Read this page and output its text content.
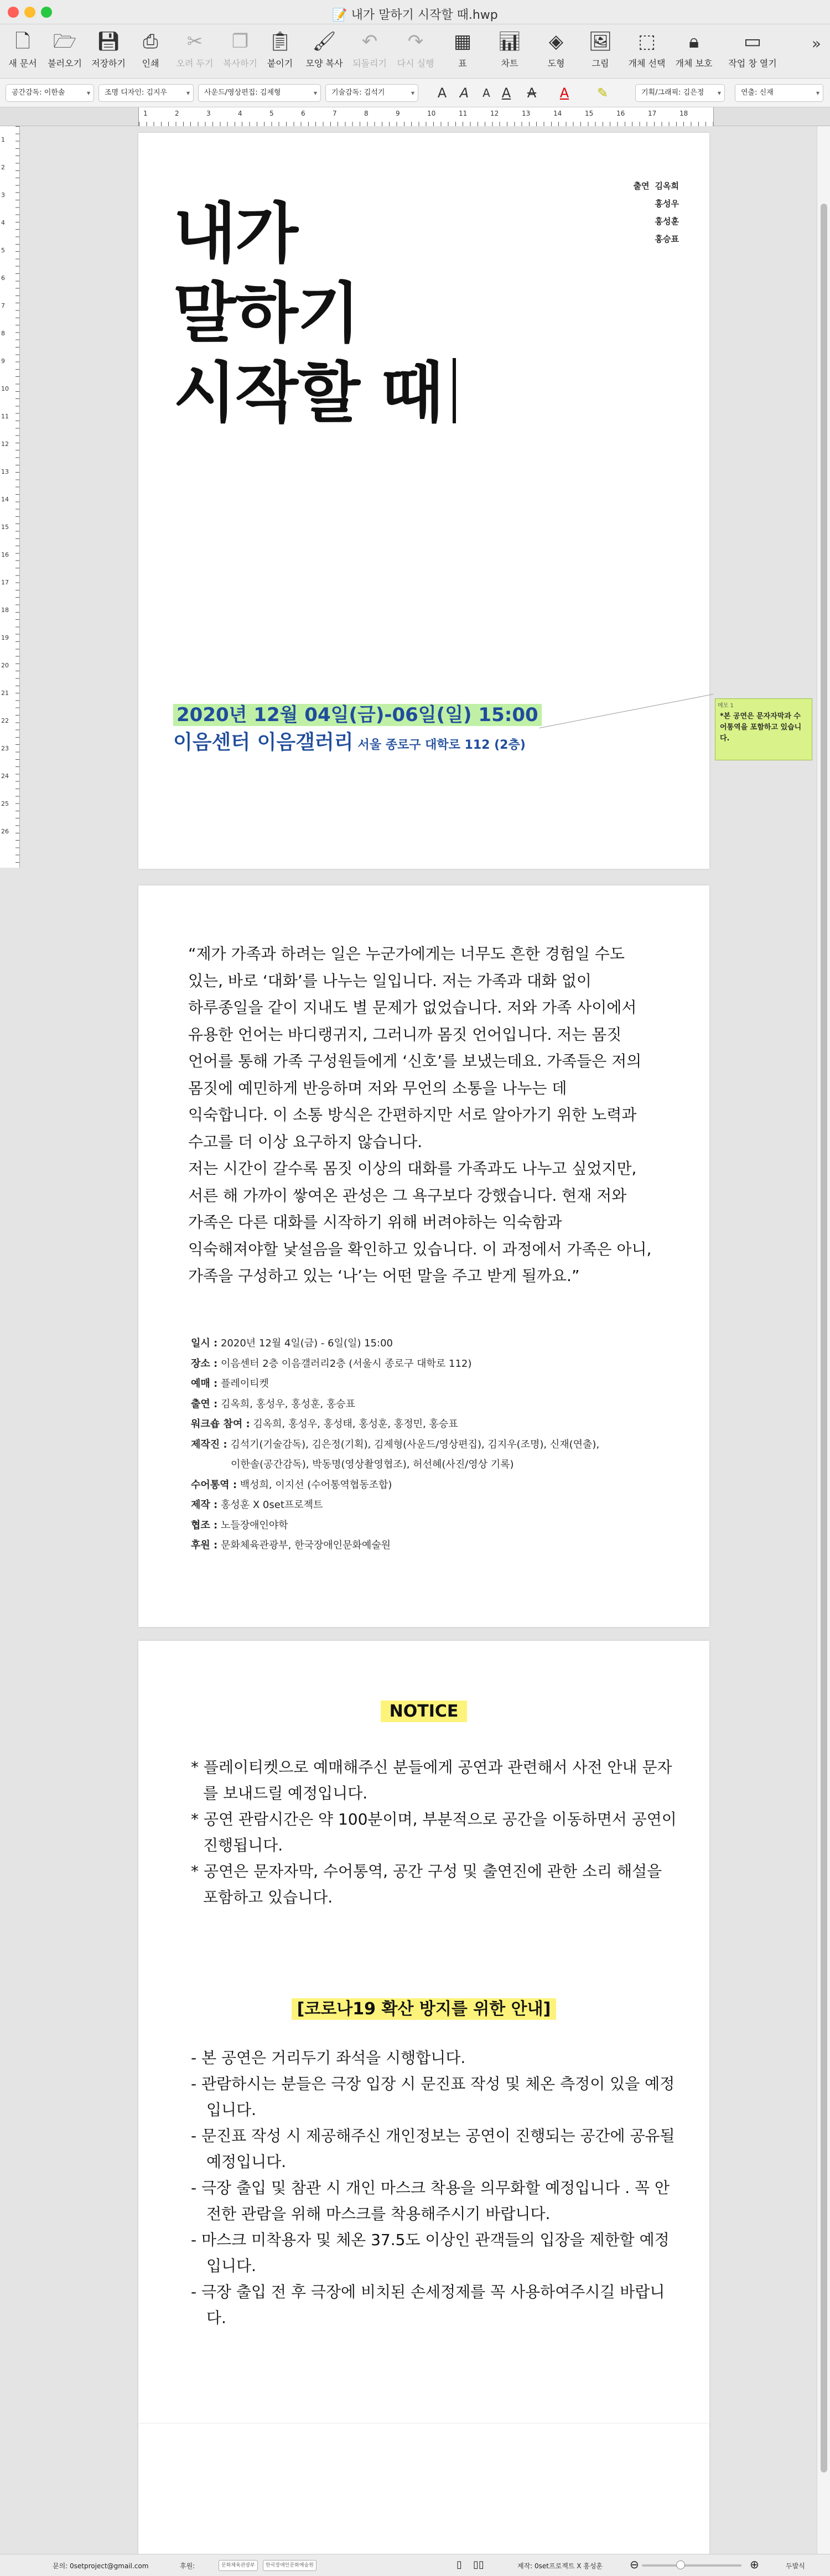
📝 내가 말하기 시작할 때.hwp
🗋
새 문서
🗁
불러오기
💾︎
저장하기
⎙
인쇄
✂
오려 두기
❐
복사하기
📋︎
붙이기
🖌︎
모양 복사
↶
되돌리기
↷
다시 실행
▦
표
📊︎
차트
◈
도형
🖼︎
그림
⬚
개체 선택
🔒︎
개체 보호
▭
작업 창 열기
»
공간감독: 이한솔 ▾	조명 디자인: 김지우 ▾	사운드/영상편집: 김제형 ▾	기술감독: 김석기 ▾	A A	A A A A ✎	기획/그래픽: 김은정 ▾	연출: 신재 ▾
1	2	3	4	5	6	7	8	9	10	11	12	13	14	15	16	17	18
1
2
3
4
5
6
7
8
9
10
11
12
13
14
15
16
17
18
19
20
21
22
23
24
25
26
출연 김옥희
홍성우
홍성훈
홍승표
내가
말하기
시작할 때
2020년 12월 04일(금)-06일(일) 15:00
이음센터 이음갤러리 서울 종로구 대학로 112 (2층)
메모 1
*본 공연은 문자자막과 수어통역을 포함하고 있습니다.
“제가 가족과 하려는 일은 누군가에게는 너무도 흔한 경험일 수도
있는, 바로 ‘대화’를 나누는 일입니다. 저는 가족과 대화 없이
하루종일을 같이 지내도 별 문제가 없었습니다. 저와 가족 사이에서
유용한 언어는 바디랭귀지, 그러니까 몸짓 언어입니다. 저는 몸짓
언어를 통해 가족 구성원들에게 ‘신호’를 보냈는데요. 가족들은 저의
몸짓에 예민하게 반응하며 저와 무언의 소통을 나누는 데
익숙합니다. 이 소통 방식은 간편하지만 서로 알아가기 위한 노력과
수고를 더 이상 요구하지 않습니다.
저는 시간이 갈수록 몸짓 이상의 대화를 가족과도 나누고 싶었지만,
서른 해 가까이 쌓여온 관성은 그 욕구보다 강했습니다. 현재 저와
가족은 다른 대화를 시작하기 위해 버려야하는 익숙함과
익숙해져야할 낯설음을 확인하고 있습니다. 이 과정에서 가족은 아니,
가족을 구성하고 있는 ‘나’는 어떤 말을 주고 받게 될까요.”
일시 : 2020년 12월 4일(금) - 6일(일) 15:00
장소 : 이음센터 2층 이음갤러리2층 (서울시 종로구 대학로 112)
예매 : 플레이티켓
출연 : 김옥희, 홍성우, 홍성훈, 홍승표
워크숍 참여 : 김옥희, 홍성우, 홍성태, 홍성훈, 홍정민, 홍승표
제작진 : 김석기(기술감독), 김은정(기획), 김제형(사운드/영상편집), 김지우(조명), 신재(연출),
이한솔(공간감독), 박동명(영상촬영협조), 허선혜(사진/영상 기록)
수어통역 : 백성희, 이지선 (수어통역협동조합)
제작 : 홍성훈 X 0set프로젝트
협조 : 노들장애인야학
후원 : 문화체육관광부, 한국장애인문화예술원
NOTICE
* 플레이티켓으로 예매해주신 분들에게 공연과 관련해서 사전 안내 문자를 보내드릴 예정입니다.
* 공연 관람시간은 약 100분이며, 부분적으로 공간을 이동하면서 공연이 진행됩니다.
* 공연은 문자자막, 수어통역, 공간 구성 및 출연진에 관한 소리 해설을 포함하고 있습니다.
[코로나19 확산 방지를 위한 안내]
- 본 공연은 거리두기 좌석을 시행합니다.
- 관람하시는 분들은 극장 입장 시 문진표 작성 및 체온 측정이 있을 예정입니다.
- 문진표 작성 시 제공해주신 개인정보는 공연이 진행되는 공간에 공유될 예정입니다.
- 극장 출입 및 참관 시 개인 마스크 착용을 의무화할 예정입니다 . 꼭 안전한 관람을 위해 마스크를 착용해주시기 바랍니다.
- 마스크 미착용자 및 체온 37.5도 이상인 관객들의 입장을 제한할 예정입니다.
- 극장 출입 전 후 극장에 비치된 손세정제를 꼭 사용하여주시길 바랍니다.
문의: 0setproject@gmail.com	후원:	문화체육관광부	한국장애인문화예술원	▯ ▯▯	제작: 0set프로젝트 X 홍성훈 ⊖	⊕	두발식
